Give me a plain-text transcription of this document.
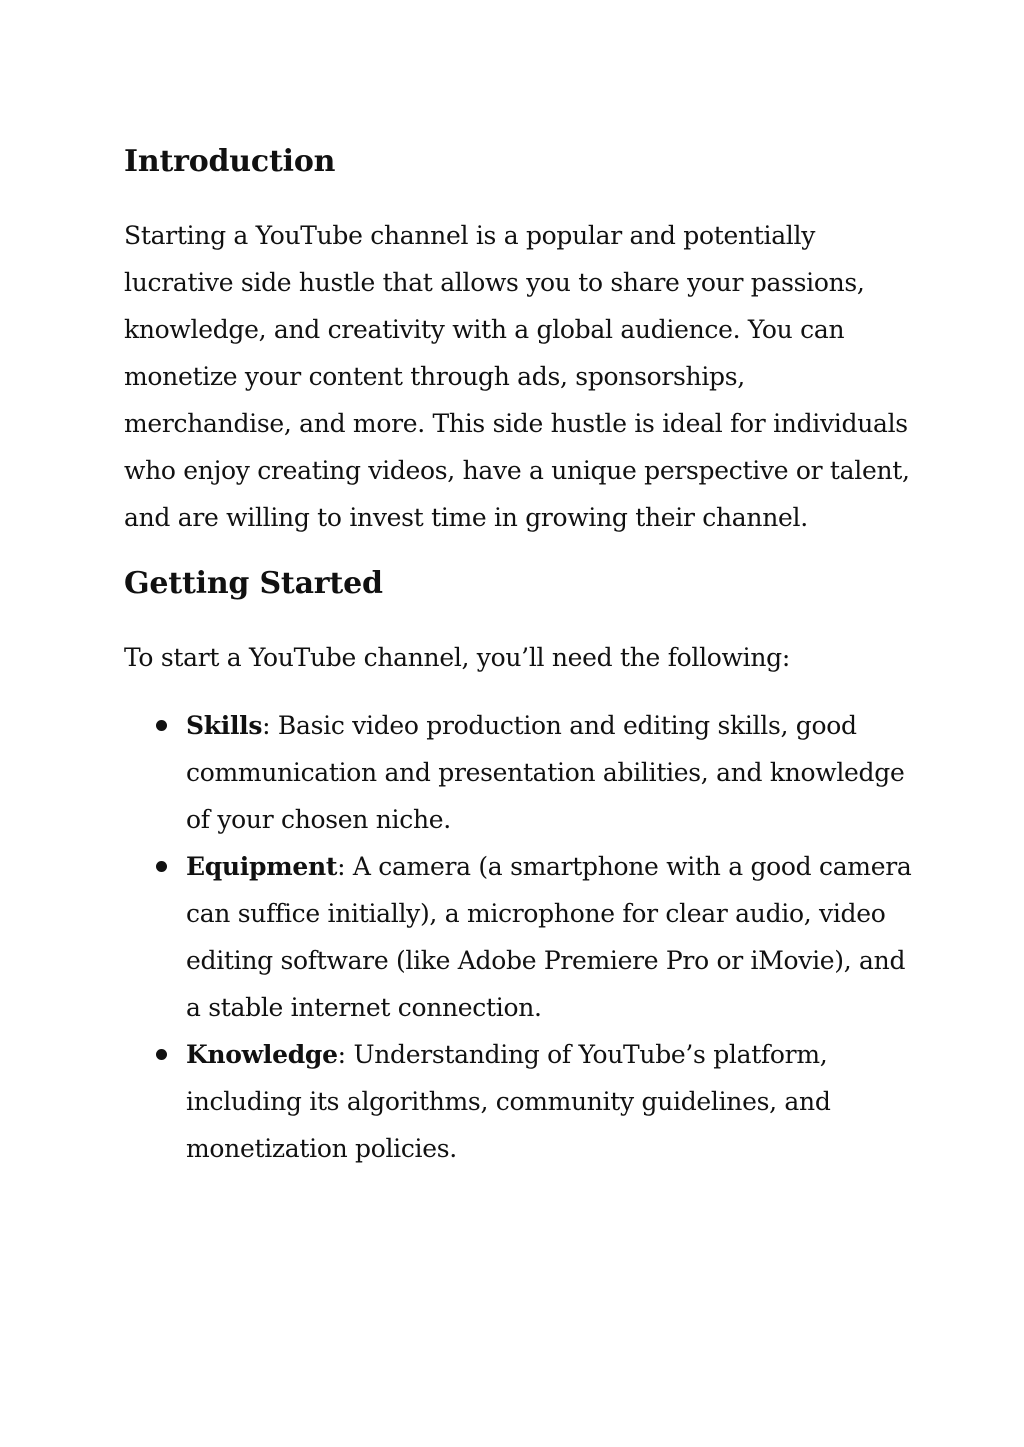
Introduction

Starting a YouTube channel is a popular and potentially lucrative side hustle that allows you to share your passions, knowledge, and creativity with a global audience. You can monetize your content through ads, sponsorships, merchandise, and more. This side hustle is ideal for individuals who enjoy creating videos, have a unique perspective or talent, and are willing to invest time in growing their channel.

Getting Started

To start a YouTube channel, you’ll need the following:

Skills: Basic video production and editing skills, good communication and presentation abilities, and knowledge of your chosen niche.
Equipment: A camera (a smartphone with a good camera can suffice initially), a microphone for clear audio, video editing software (like Adobe Premiere Pro or iMovie), and a stable internet connection.
Knowledge: Understanding of YouTube’s platform, including its algorithms, community guidelines, and monetization policies.
